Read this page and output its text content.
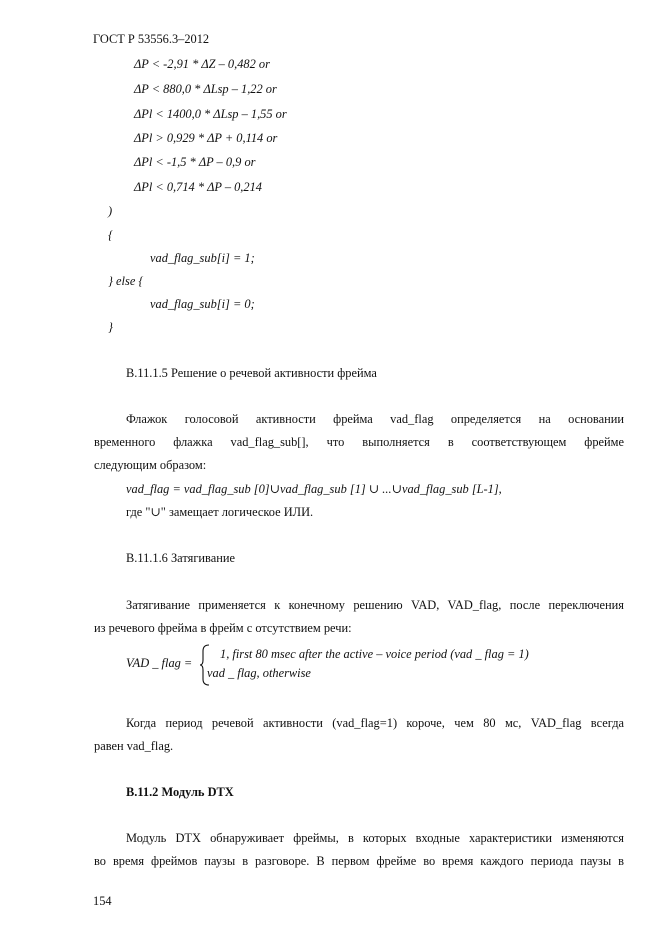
ГОСТ Р 53556.3–2012
ΔP < -2,91 * ΔZ – 0,482 or
ΔP < 880,0 * ΔLsp – 1,22 or
ΔPl < 1400,0 * ΔLsp – 1,55 or
ΔPl > 0,929 * ΔP + 0,114 or
ΔPl < -1,5 * ΔP – 0,9 or
ΔPl < 0,714 * ΔP – 0,214
)
{
vad_flag_sub[i] = 1;
} else {
vad_flag_sub[i] = 0;
}
B.11.1.5 Решение о речевой активности фрейма
Флажок голосовой активности фрейма vad_flag определяется на основании
временного флажка vad_flag_sub[], что выполняется в соответствующем фрейме
следующим образом:
vad_flag = vad_flag_sub [0]∪vad_flag_sub [1] ∪ ...∪vad_flag_sub [L-1],
где "∪" замещает логическое ИЛИ.
B.11.1.6 Затягивание
Затягивание применяется к конечному решению VAD, VAD_flag, после переключения
из речевого фрейма в фрейм с отсутствием речи:
VAD _ flag =
1, first 80 msec after the active – voice period (vad _ flag = 1)
vad _ flag, otherwise
Когда период речевой активности (vad_flag=1) короче, чем 80 мс, VAD_flag всегда
равен vad_flag.
B.11.2 Модуль DTX
Модуль DTX обнаруживает фреймы, в которых входные характеристики изменяются
во время фреймов паузы в разговоре. В первом фрейме во время каждого периода паузы в
154
